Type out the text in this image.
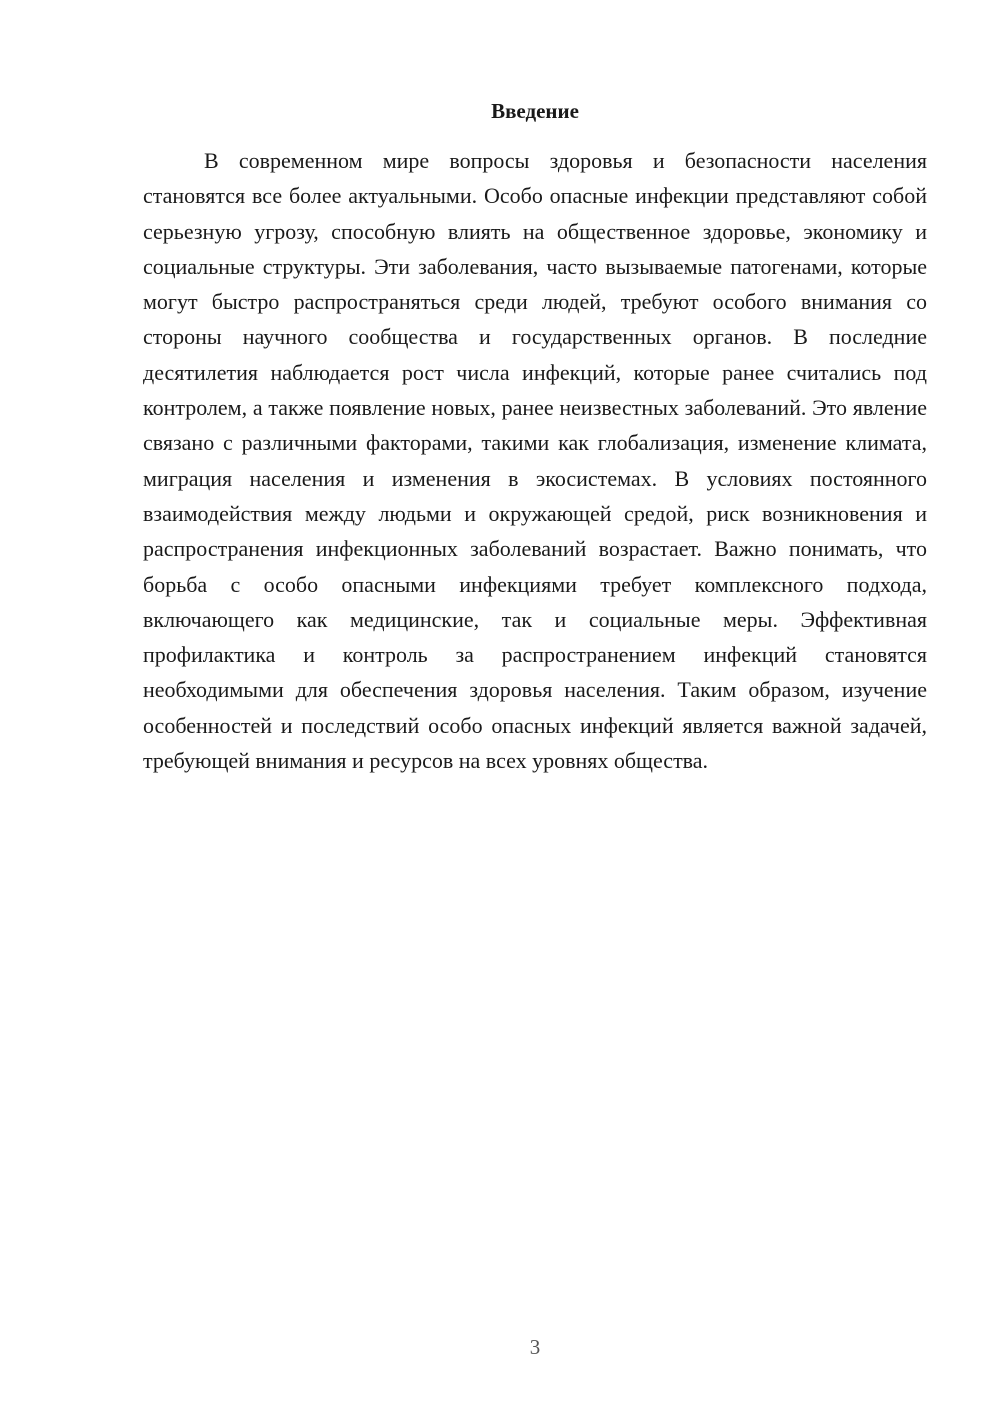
Введение

В современном мире вопросы здоровья и безопасности населения становятся все более актуальными. Особо опасные инфекции представляют собой серьезную угрозу, способную влиять на общественное здоровье, экономику и социальные структуры. Эти заболевания, часто вызываемые патогенами, которые могут быстро распространяться среди людей, требуют особого внимания со стороны научного сообщества и государственных органов. В последние десятилетия наблюдается рост числа инфекций, которые ранее считались под контролем, а также появление новых, ранее неизвестных заболеваний. Это явление связано с различными факторами, такими как глобализация, изменение климата, миграция населения и изменения в экосистемах. В условиях постоянного взаимодействия между людьми и окружающей средой, риск возникновения и распространения инфекционных заболеваний возрастает. Важно понимать, что борьба с особо опасными инфекциями требует комплексного подхода, включающего как медицинские, так и социальные меры. Эффективная профилактика и контроль за распространением инфекций становятся необходимыми для обеспечения здоровья населения. Таким образом, изучение особенностей и последствий особо опасных инфекций является важной задачей, требующей внимания и ресурсов на всех уровнях общества.

3
